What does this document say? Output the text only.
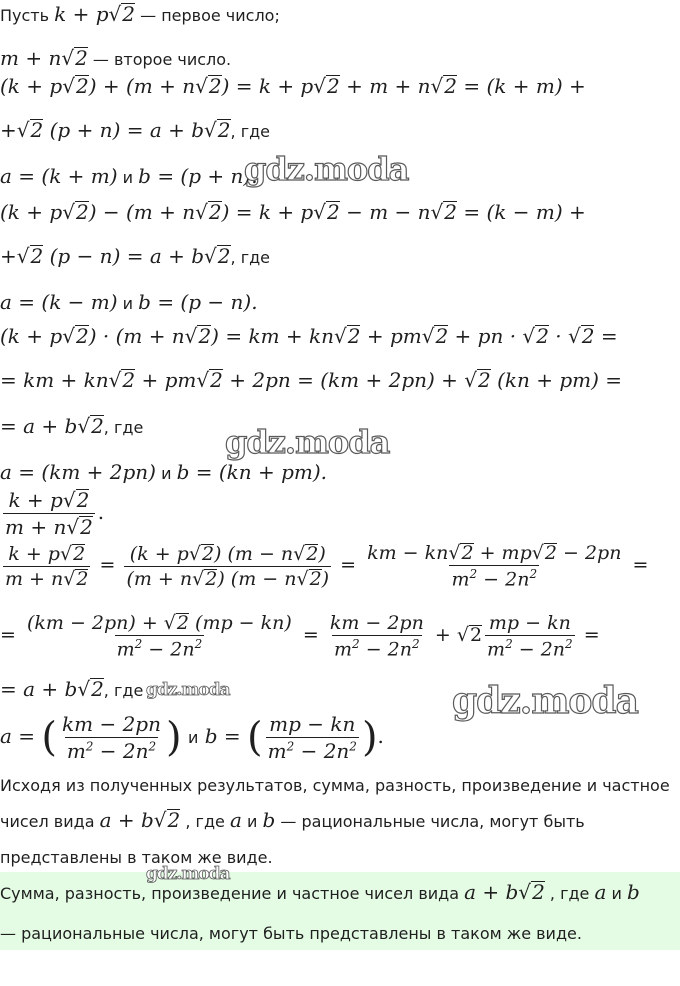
Пусть k + p√2 — первое число;
m + n√2 — второе число.
(k + p√2) + (m + n√2) = k + p√2 + m + n√2 = (k + m) +
+√2 (p + n) = a + b√2, где
a = (k + m) и b = (p + n).
(k + p√2) − (m + n√2) = k + p√2 − m − n√2 = (k − m) +
+√2 (p − n) = a + b√2, где
a = (k − m) и b = (p − n).
(k + p√2) · (m + n√2) = km + kn√2 + pm√2 + pn · √2 · √2 =
= km + kn√2 + pm√2 + 2pn = (km + 2pn) + √2 (kn + pm) =
= a + b√2, где
a = (km + 2pn) и b = (kn + pm).
$\frac{k + p√2}{m + n√2}$ .
$\frac{k + p√2}{m + n√2} = \frac{(k + p√2) (m - n√2)}{(m + n√2) (m - n√2)} = \frac{km - kn√2 + mp√2 - 2pn}{m^2 - 2n^2}$ =
= $\frac{(km - 2pn) + √2 (mp - kn)}{m^2 - 2n^2} = \frac{km - 2pn}{m^2 - 2n^2} + √2 \frac{mp - kn}{m^2 - 2n^2}$ =
= a + b√2, где
a = ( $\frac{km - 2pn}{m^2 - 2n^2}$ ) и b = ( $\frac{mp - kn}{m^2 - 2n^2}$ ).
Исходя из полученных результатов, сумма, разность, произведение и частное
чисел вида a + b√2 , где a и b — рациональные числа, могут быть
представлены в таком же виде.
Сумма, разность, произведение и частное чисел вида a + b√2 , где a и b
— рациональные числа, могут быть представлены в таком же виде.
gdz.moda
gdz.moda
gdz.moda	gdz.moda
gdz.moda
